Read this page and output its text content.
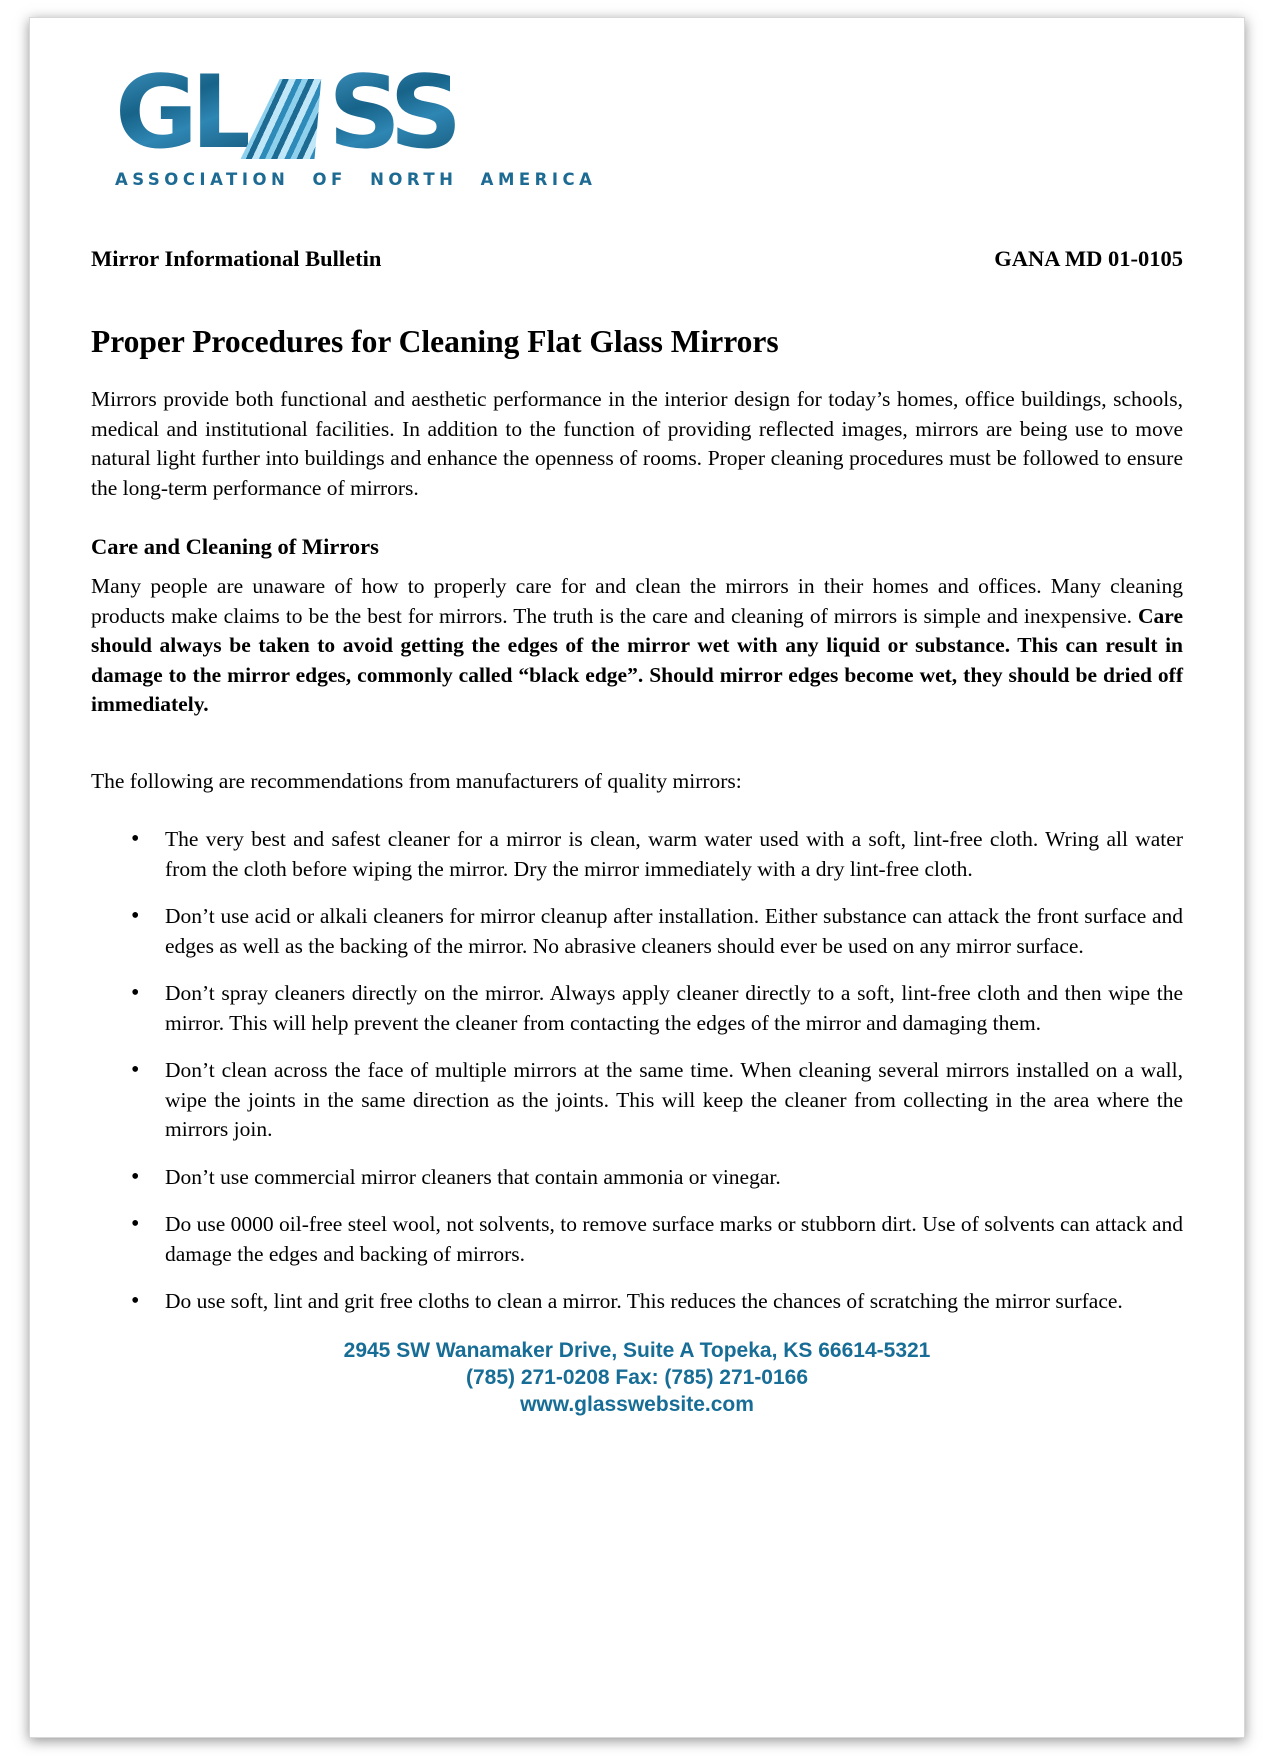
GL SS
ASSOCIATION OF NORTH AMERICA
Mirror Informational Bulletin	GANA MD 01-0105
Proper Procedures for Cleaning Flat Glass Mirrors

Mirrors provide both functional and aesthetic performance in the interior design for today’s homes, office buildings, schools, medical and institutional facilities. In addition to the function of providing reflected images, mirrors are being use to move natural light further into buildings and enhance the openness of rooms. Proper cleaning procedures must be followed to ensure the long-term performance of mirrors.

Care and Cleaning of Mirrors

Many people are unaware of how to properly care for and clean the mirrors in their homes and offices. Many cleaning products make claims to be the best for mirrors. The truth is the care and cleaning of mirrors is simple and inexpensive. Care should always be taken to avoid getting the edges of the mirror wet with any liquid or substance. This can result in damage to the mirror edges, commonly called “black edge”. Should mirror edges become wet, they should be dried off immediately.

The following are recommendations from manufacturers of quality mirrors:

• The very best and safest cleaner for a mirror is clean, warm water used with a soft, lint-free cloth. Wring all water from the cloth before wiping the mirror. Dry the mirror immediately with a dry lint-free cloth.
• Don’t use acid or alkali cleaners for mirror cleanup after installation. Either substance can attack the front surface and edges as well as the backing of the mirror. No abrasive cleaners should ever be used on any mirror surface.
• Don’t spray cleaners directly on the mirror. Always apply cleaner directly to a soft, lint-free cloth and then wipe the mirror. This will help prevent the cleaner from contacting the edges of the mirror and damaging them.
• Don’t clean across the face of multiple mirrors at the same time. When cleaning several mirrors installed on a wall, wipe the joints in the same direction as the joints. This will keep the cleaner from collecting in the area where the mirrors join.
• Don’t use commercial mirror cleaners that contain ammonia or vinegar.
• Do use 0000 oil-free steel wool, not solvents, to remove surface marks or stubborn dirt. Use of solvents can attack and damage the edges and backing of mirrors.
• Do use soft, lint and grit free cloths to clean a mirror. This reduces the chances of scratching the mirror surface.
2945 SW Wanamaker Drive, Suite A Topeka, KS 66614-5321
(785) 271-0208 Fax: (785) 271-0166
www.glasswebsite.com
